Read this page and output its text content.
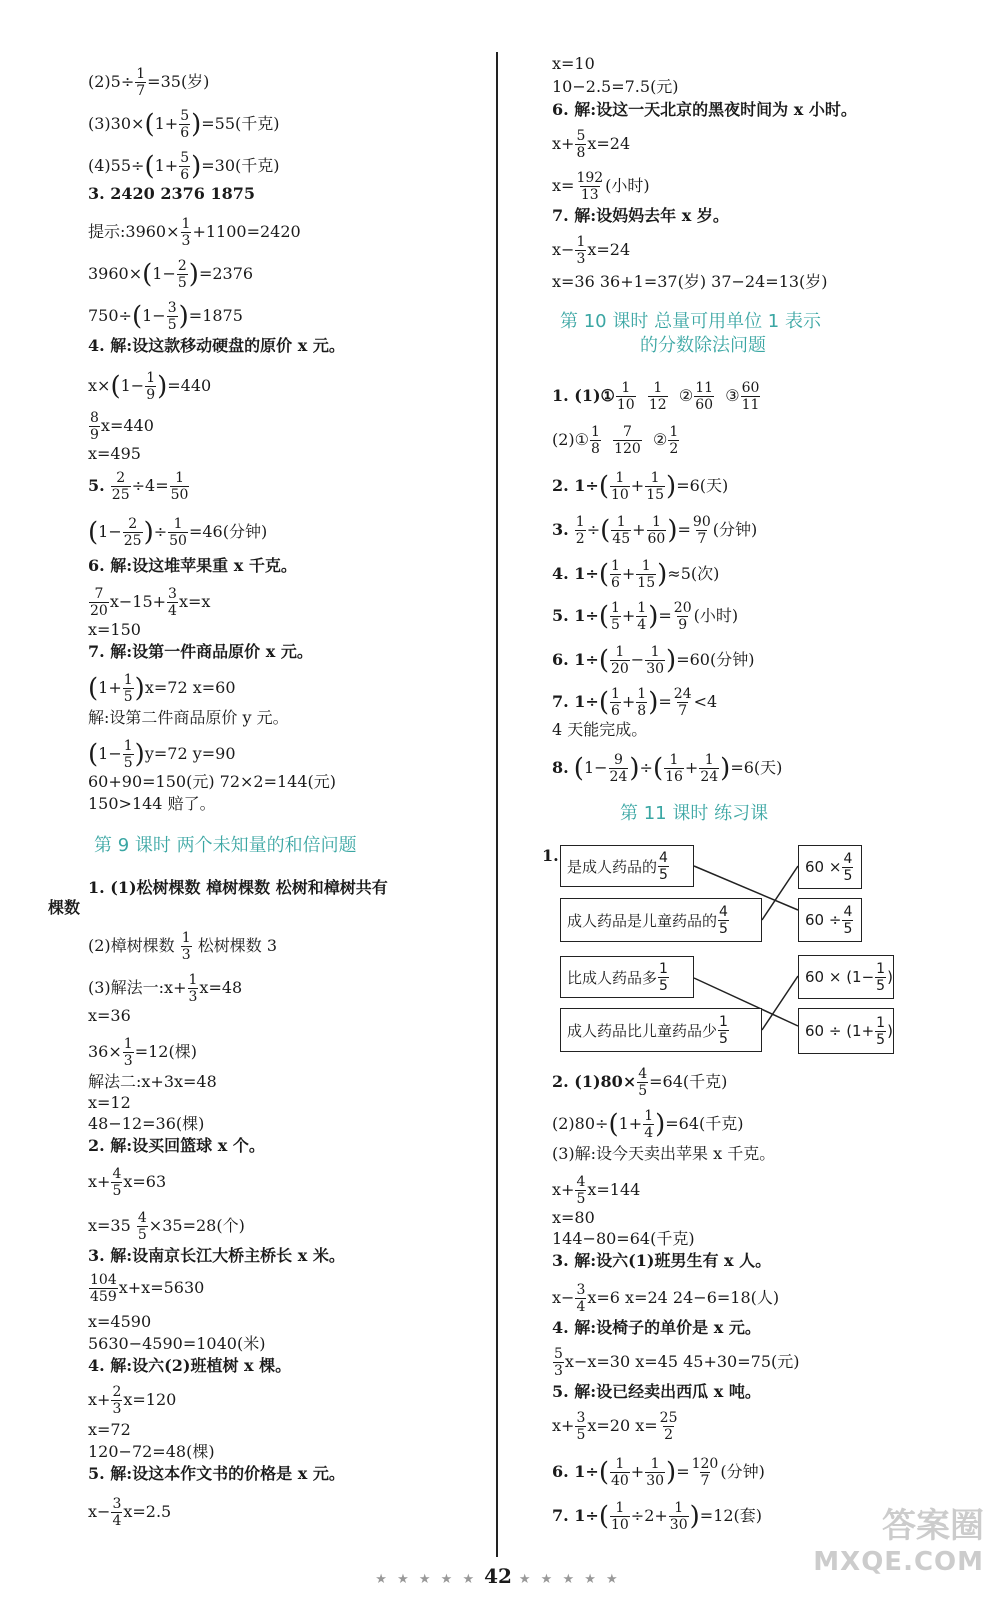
$(2)5\div \frac{1}{7} =35$(岁)
$(3)30\times(1+ \frac{5}{6} )=55$(千克)
$(4)55\div(1+ \frac{5}{6} )=30$(千克)
3. 2420 2376 1875
提示:3960× $\frac{1}{3} +1100=2420$
$3960\times(1- \frac{2}{5} )=2376$
$750\div(1- \frac{3}{5} )=1875$
4. 解:设这款移动硬盘的原价 x 元。
$x\times(1- \frac{1}{9} )=440$
$\frac{8}{9} x=440$
x=495
5. $\frac{2}{25} \div 4= \frac{1}{50}$
($1- \frac{2}{25}$ )÷ $\frac{1}{50} =46$(分钟)
6. 解:设这堆苹果重 x 千克。
$\frac{7}{20} x-15+ \frac{3}{4} x=x$
x=150
7. 解:设第一件商品原价 x 元。
$(1+ \frac{1}{5} )x=72$ x=60
解:设第二件商品原价 y 元。
$(1- \frac{1}{5} )y=72$ y=90
60+90=150(元) 72×2=144(元)
150>144 赔了。
第 9 课时 两个未知量的和倍问题
1. (1)松树棵数 樟树棵数 松树和樟树共有
棵数
(2)樟树棵数 $\frac{1}{3}$ 松树棵数 3
(3)解法一:x+ $\frac{1}{3} x=48$
x=36
$36\times \frac{1}{3} =12$(棵)
解法二:x+3x=48
x=12
48−12=36(棵)
2. 解:设买回篮球 x 个。
$x+ \frac{4}{5} x=63$
$x=35 \frac{4}{5} \times 35=28$(个)
3. 解:设南京长江大桥主桥长 x 米。
$\frac{104}{459} x+x=5630$
x=4590
5630−4590=1040(米)
4. 解:设六(2)班植树 x 棵。
$x+ \frac{2}{3} x=120$
x=72
120−72=48(棵)
5. 解:设这本作文书的价格是 x 元。
$x- \frac{3}{4} x=2.5$
x=10
10−2.5=7.5(元)
6. 解:设这一天北京的黑夜时间为 x 小时。
$x+ \frac{5}{8} x=24$
$x= \frac{192}{13}$ (小时)
7. 解:设妈妈去年 x 岁。
$x- \frac{1}{3} x=24$
x=36 36+1=37(岁) 37−24=13(岁)
第 10 课时 总量可用单位 1 表示
的分数除法问题
1. (1)① $\frac{1}{10}$
$\frac{1}{12}$ ② $\frac{11}{60}$ ③ $\frac{60}{11}$
(2)① $\frac{1}{8}$
$\frac{7}{120}$ ② $\frac{1}{2}$
2. $1\div( \frac{1}{10} + \frac{1}{15} )=6$(天)
3. $\frac{1}{2}$ ÷( $\frac{1}{45} + \frac{1}{60}$ )= $\frac{90}{7}$ (分钟)
4. $1\div( \frac{1}{6} + \frac{1}{15} )\approx 5$(次)
5. $1\div( \frac{1}{5} + \frac{1}{4}$ )= $\frac{20}{9}$ (小时)
6. $1\div( \frac{1}{20} - \frac{1}{30} )=60$(分钟)
7. $1\div( \frac{1}{6} + \frac{1}{8}$ )= $\frac{24}{7} <4$
4 天能完成。
8. ($1- \frac{9}{24}$ )÷( $\frac{1}{16} + \frac{1}{24} )=6$(天)
第 11 课时 练习课
1.
是成人药品的 $\frac{4}{5}$
成人药品是儿童药品的 $\frac{4}{5}$
比成人药品多 $\frac{1}{5}$
成人药品比儿童药品少 $\frac{1}{5}$
$60 \times \frac{4}{5}$
$60 \div \frac{4}{5}$
$60 \times (1- \frac{1}{5}$ )
$60 \div (1+ \frac{1}{5}$ )
2. $(1)80\times \frac{4}{5} =64$(千克)
$(2)80\div(1+ \frac{1}{4} )=64$(千克)
(3)解:设今天卖出苹果 x 千克。
$x+ \frac{4}{5} x=144$
x=80
144−80=64(千克)
3. 解:设六(1)班男生有 x 人。
$x- \frac{3}{4} x=6$ x=24 24−6=18(人)
4. 解:设椅子的单价是 x 元。
$\frac{5}{3} x-x=30$ x=45 45+30=75(元)
5. 解:设已经卖出西瓜 x 吨。
$x+ \frac{3}{5} x=20$ $x= \frac{25}{2}$
6. $1\div( \frac{1}{40} + \frac{1}{30}$ )= $\frac{120}{7}$ (分钟)
7. $1\div( \frac{1}{10} \div 2+ \frac{1}{30} )=12$(套)
★ ★ ★ ★ ★ 42 ★ ★ ★ ★ ★
答案圈
MXQE.COM
